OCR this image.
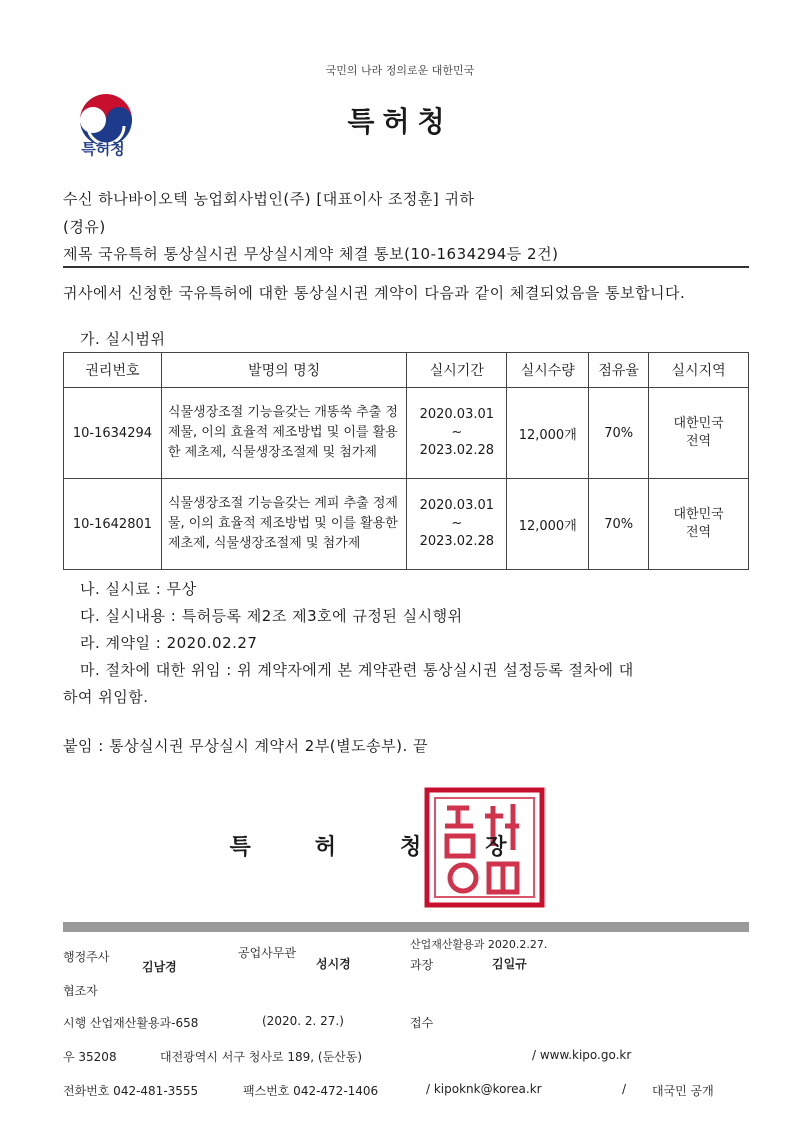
국민의 나라 정의로운 대한민국
특허청
특허청
수신 하나바이오텍 농업회사법인(주) [대표이사 조정훈] 귀하
(경유)
제목 국유특허 통상실시권 무상실시계약 체결 통보(10-1634294등 2건)
귀사에서 신청한 국유특허에 대한 통상실시권 계약이 다음과 같이 체결되었음을 통보합니다.
가. 실시범위
권리번호	발명의 명칭	실시기간	실시수량	점유율	실시지역
10-1634294	식물생장조절 기능을갖는 개똥쑥 추출 정제물, 이의 효율적 제조방법 및 이를 활용한 제초제, 식물생장조절제 및 첨가제	2020.03.01
~
2023.02.28	12,000개	70%	대한민국
전역

10-1642801	식물생장조절 기능을갖는 계피 추출 정제물, 이의 효율적 제조방법 및 이를 활용한제초제, 식물생장조절제 및 첨가제	2020.03.01
~
2023.02.28	12,000개	70%	대한민국
전역
나. 실시료 : 무상
다. 실시내용 : 특허등록 제2조 제3호에 규정된 실시행위
라. 계약일 : 2020.02.27
마. 절차에 대한 위임 : 위 계약자에게 본 계약관련 통상실시권 설정등록 절차에 대
하여 위임함.
붙임 : 통상실시권 무상실시 계약서 2부(별도송부). 끝
특허청장
행정주사
김남경
공업사무관
성시경
산업재산활용과 2020.2.27.
과장	김일규
협조자
시행 산업재산활용과-658	(2020. 2. 27.)	접수
우 35208	대전광역시 서구 청사로 189, (둔산동)	/ www.kipo.go.kr
전화번호 042-481-3555	팩스번호 042-472-1406	/ kipoknk@korea.kr	/ 대국민 공개
